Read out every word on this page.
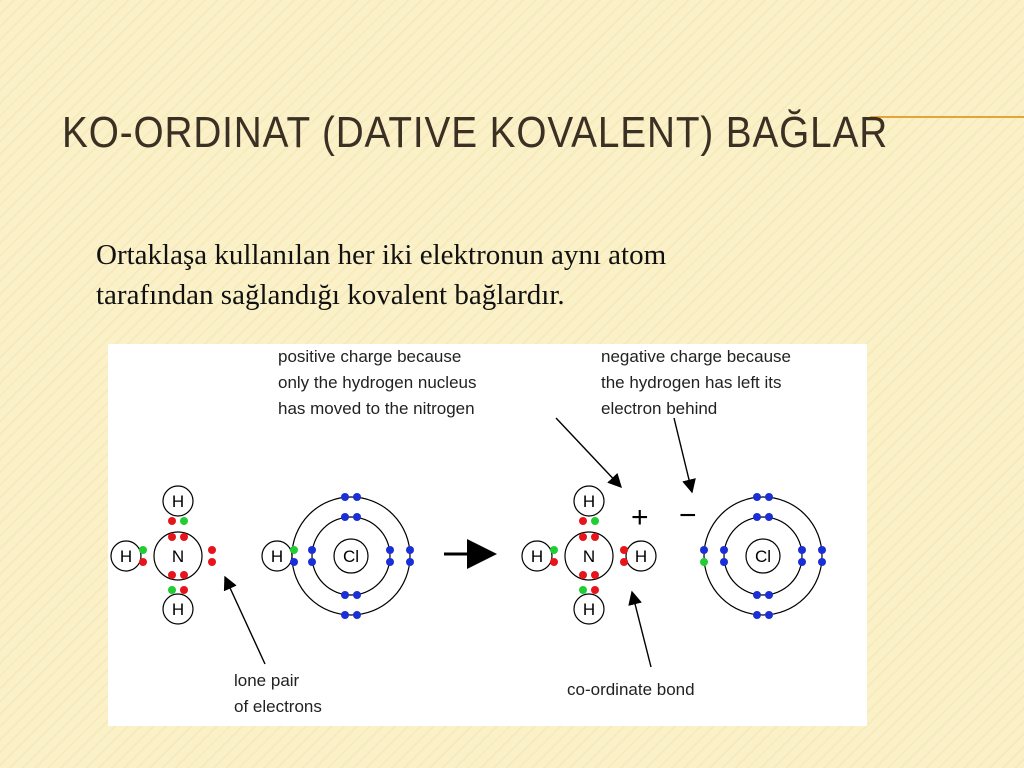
KO-ORDINAT (DATIVE KOVALENT) BAĞLAR
Ortaklaşa kullanılan her iki elektronun aynı atom
tarafından sağlandığı kovalent bağlardır.
positive charge because
only the hydrogen nucleus
has moved to the nitrogen
negative charge because
the hydrogen has left its
electron behind
H
H
H N	Cl
H
H
H
H	H
N
+ −
Cl
lone pair
of electrons
co-ordinate bond
